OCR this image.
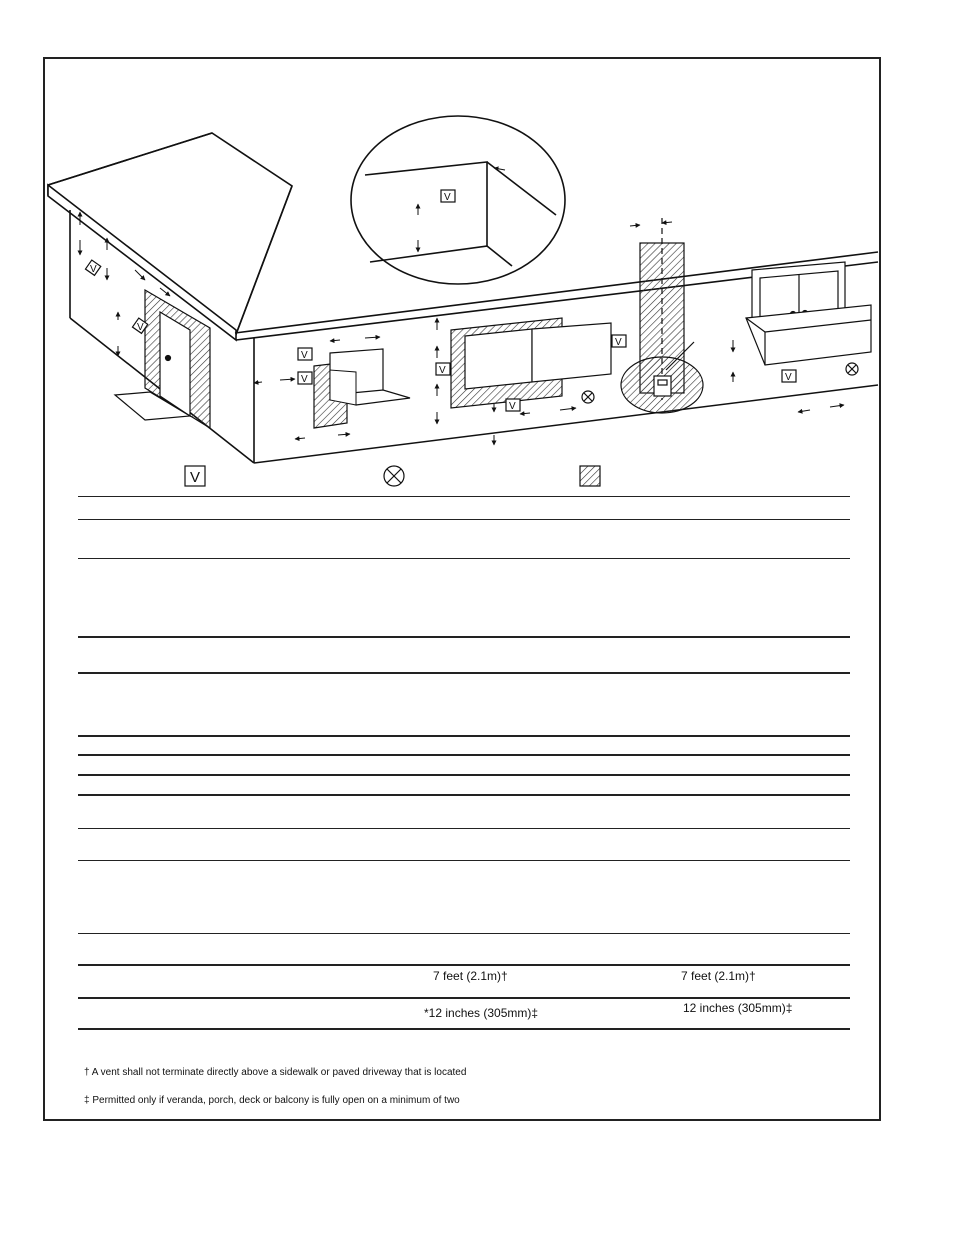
V
V
V
V
V
V
V
V
V
V
7 feet (2.1m)†	7 feet (2.1m)†
*12 inches (305mm)‡	12 inches (305mm)‡
† A vent shall not terminate directly above a sidewalk or paved driveway that is located
‡ Permitted only if veranda, porch, deck or balcony is fully open on a minimum of two
